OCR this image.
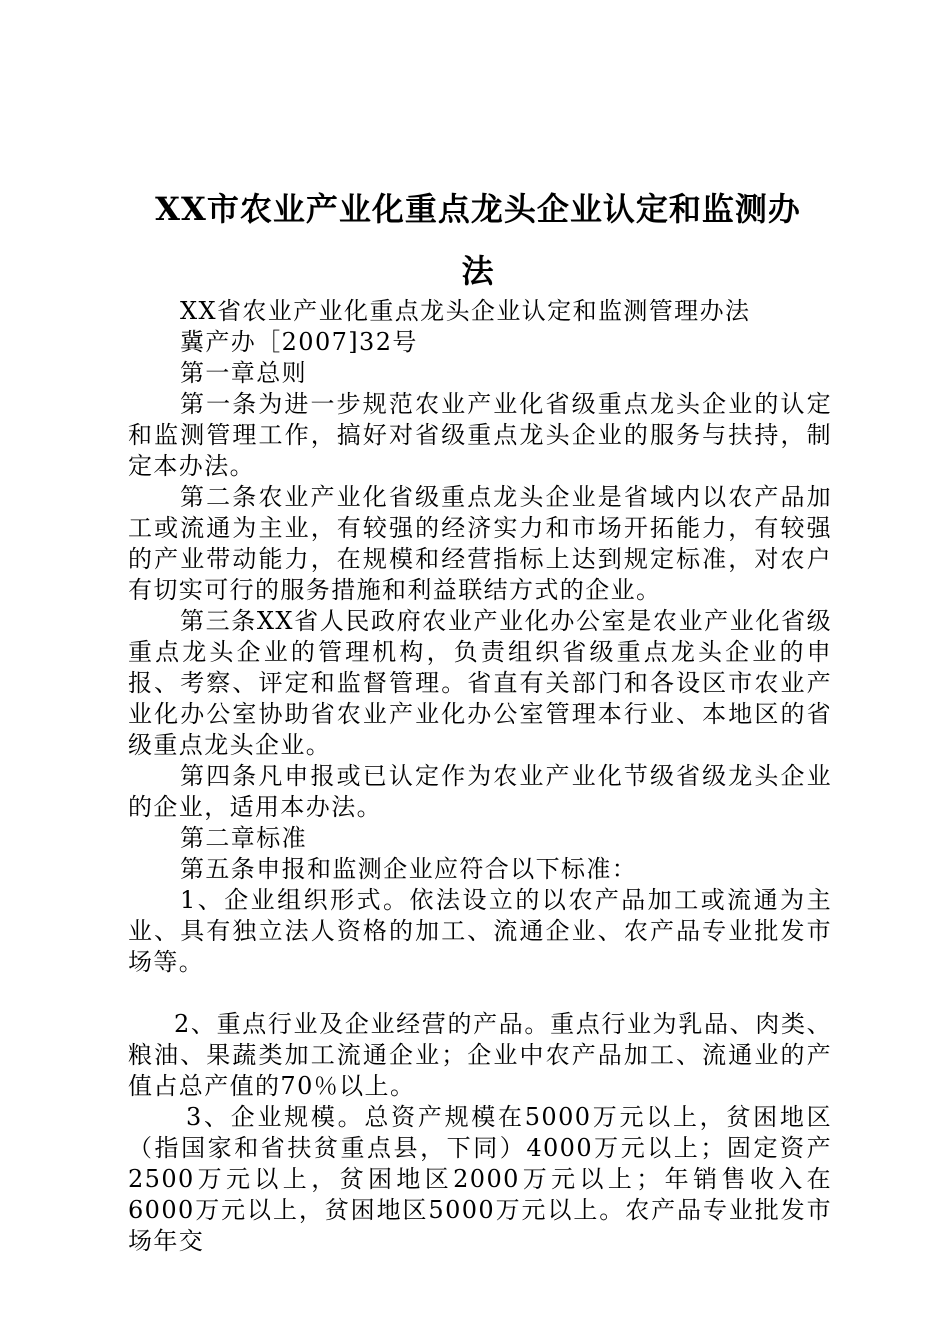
XX市农业产业化重点龙头企业认定和监测办
法

XX省农业产业化重点龙头企业认定和监测管理办法

冀产办［2007]32号

第一章总则

第一条为进一步规范农业产业化省级重点龙头企业的认定和监测管理工作，搞好对省级重点龙头企业的服务与扶持，制定本办法。

第二条农业产业化省级重点龙头企业是省域内以农产品加工或流通为主业，有较强的经济实力和市场开拓能力，有较强的产业带动能力，在规模和经营指标上达到规定标准，对农户有切实可行的服务措施和利益联结方式的企业。

第三条XX省人民政府农业产业化办公室是农业产业化省级重点龙头企业的管理机构，负责组织省级重点龙头企业的申报、考察、评定和监督管理。省直有关部门和各设区市农业产业化办公室协助省农业产业化办公室管理本行业、本地区的省级重点龙头企业。

第四条凡申报或已认定作为农业产业化节级省级龙头企业的企业，适用本办法。

第二章标准

第五条申报和监测企业应符合以下标准：

1、企业组织形式。依法设立的以农产品加工或流通为主业、具有独立法人资格的加工、流通企业、农产品专业批发市场等。

2、重点行业及企业经营的产品。重点行业为乳品、肉类、粮油、果蔬类加工流通企业；企业中农产品加工、流通业的产值占总产值的70％以上。

3、企业规模。总资产规模在5000万元以上，贫困地区（指国家和省扶贫重点县，下同）4000万元以上；固定资产2500万元以上，贫困地区2000万元以上；年销售收入在6000万元以上，贫困地区5000万元以上。农产品专业批发市场年交
